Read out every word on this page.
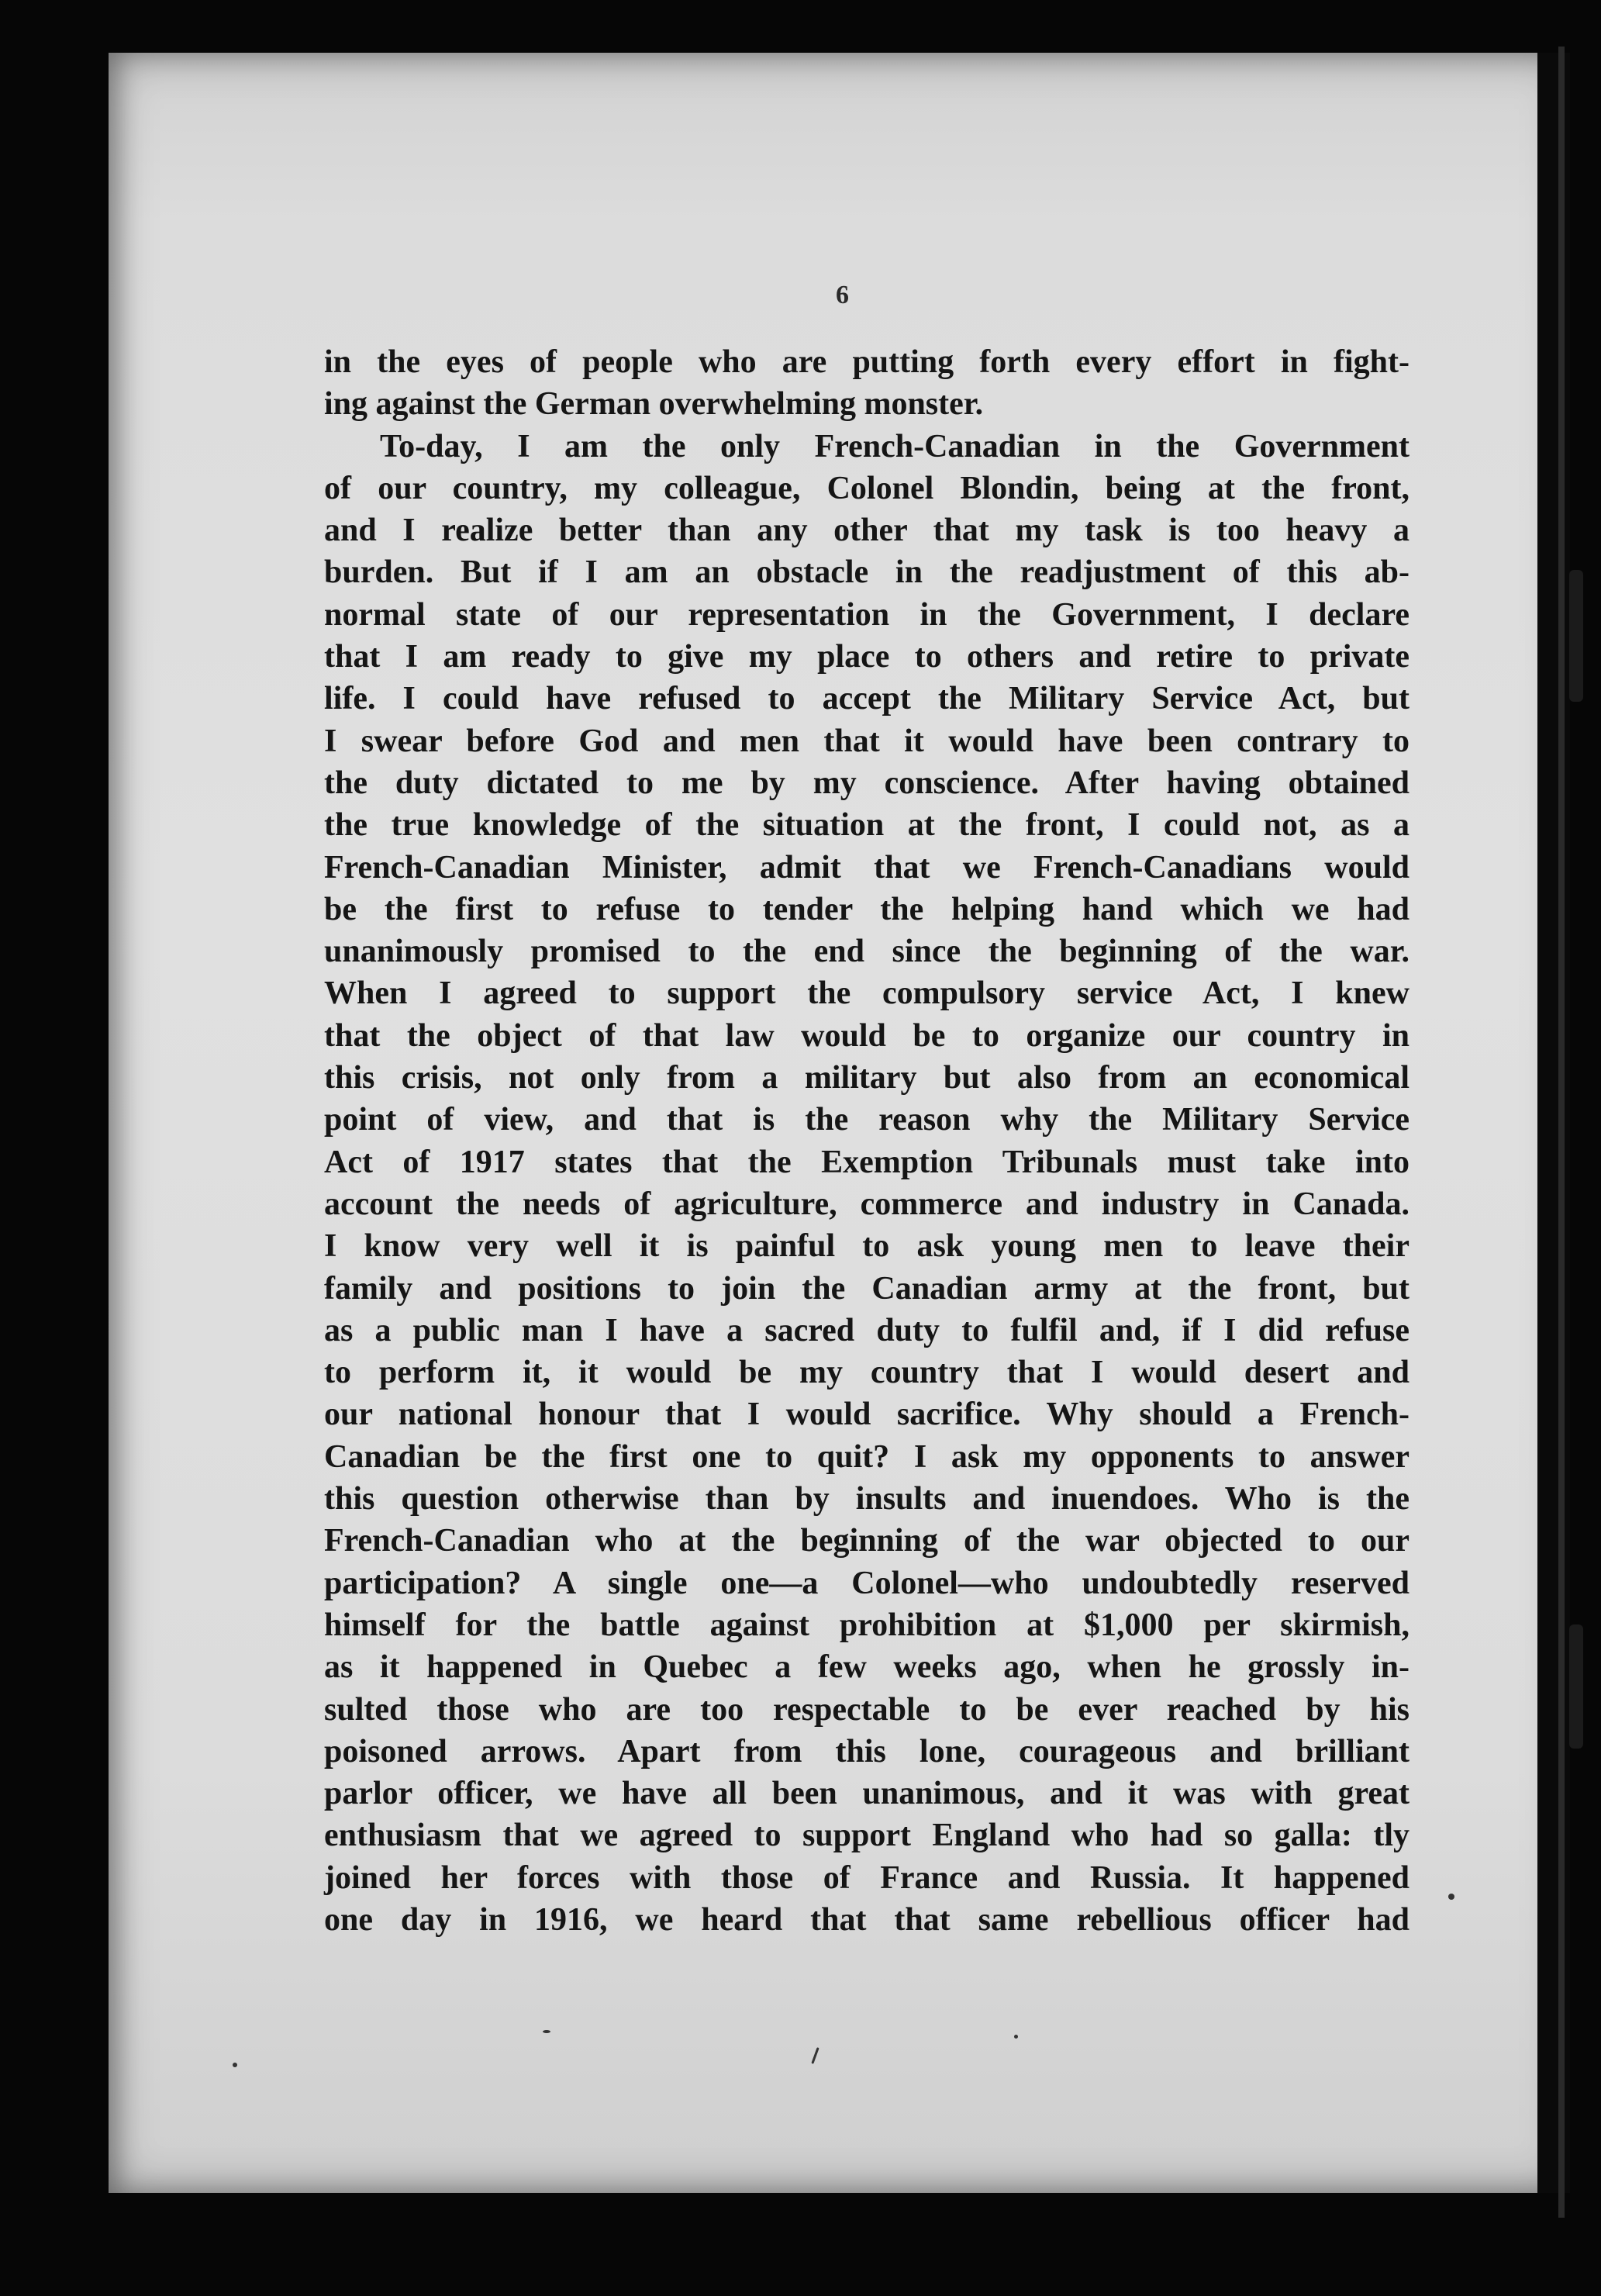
6
in the eyes of people who are putting forth every effort in fight-
ing against the German overwhelming monster.
To-day, I am the only French-Canadian in the Government
of our country, my colleague, Colonel Blondin, being at the front,
and I realize better than any other that my task is too heavy a
burden. But if I am an obstacle in the readjustment of this ab-
normal state of our representation in the Government, I declare
that I am ready to give my place to others and retire to private
life. I could have refused to accept the Military Service Act, but
I swear before God and men that it would have been contrary to
the duty dictated to me by my conscience. After having obtained
the true knowledge of the situation at the front, I could not, as a
French-Canadian Minister, admit that we French-Canadians would
be the first to refuse to tender the helping hand which we had
unanimously promised to the end since the beginning of the war.
When I agreed to support the compulsory service Act, I knew
that the object of that law would be to organize our country in
this crisis, not only from a military but also from an economical
point of view, and that is the reason why the Military Service
Act of 1917 states that the Exemption Tribunals must take into
account the needs of agriculture, commerce and industry in Canada.
I know very well it is painful to ask young men to leave their
family and positions to join the Canadian army at the front, but
as a public man I have a sacred duty to fulfil and, if I did refuse
to perform it, it would be my country that I would desert and
our national honour that I would sacrifice. Why should a French-
Canadian be the first one to quit? I ask my opponents to answer
this question otherwise than by insults and inuendoes. Who is the
French-Canadian who at the beginning of the war objected to our
participation? A single one—a Colonel—who undoubtedly reserved
himself for the battle against prohibition at $1,000 per skirmish,
as it happened in Quebec a few weeks ago, when he grossly in-
sulted those who are too respectable to be ever reached by his
poisoned arrows. Apart from this lone, courageous and brilliant
parlor officer, we have all been unanimous, and it was with great
enthusiasm that we agreed to support England who had so galla: tly
joined her forces with those of France and Russia. It happened
one day in 1916, we heard that that same rebellious officer had
